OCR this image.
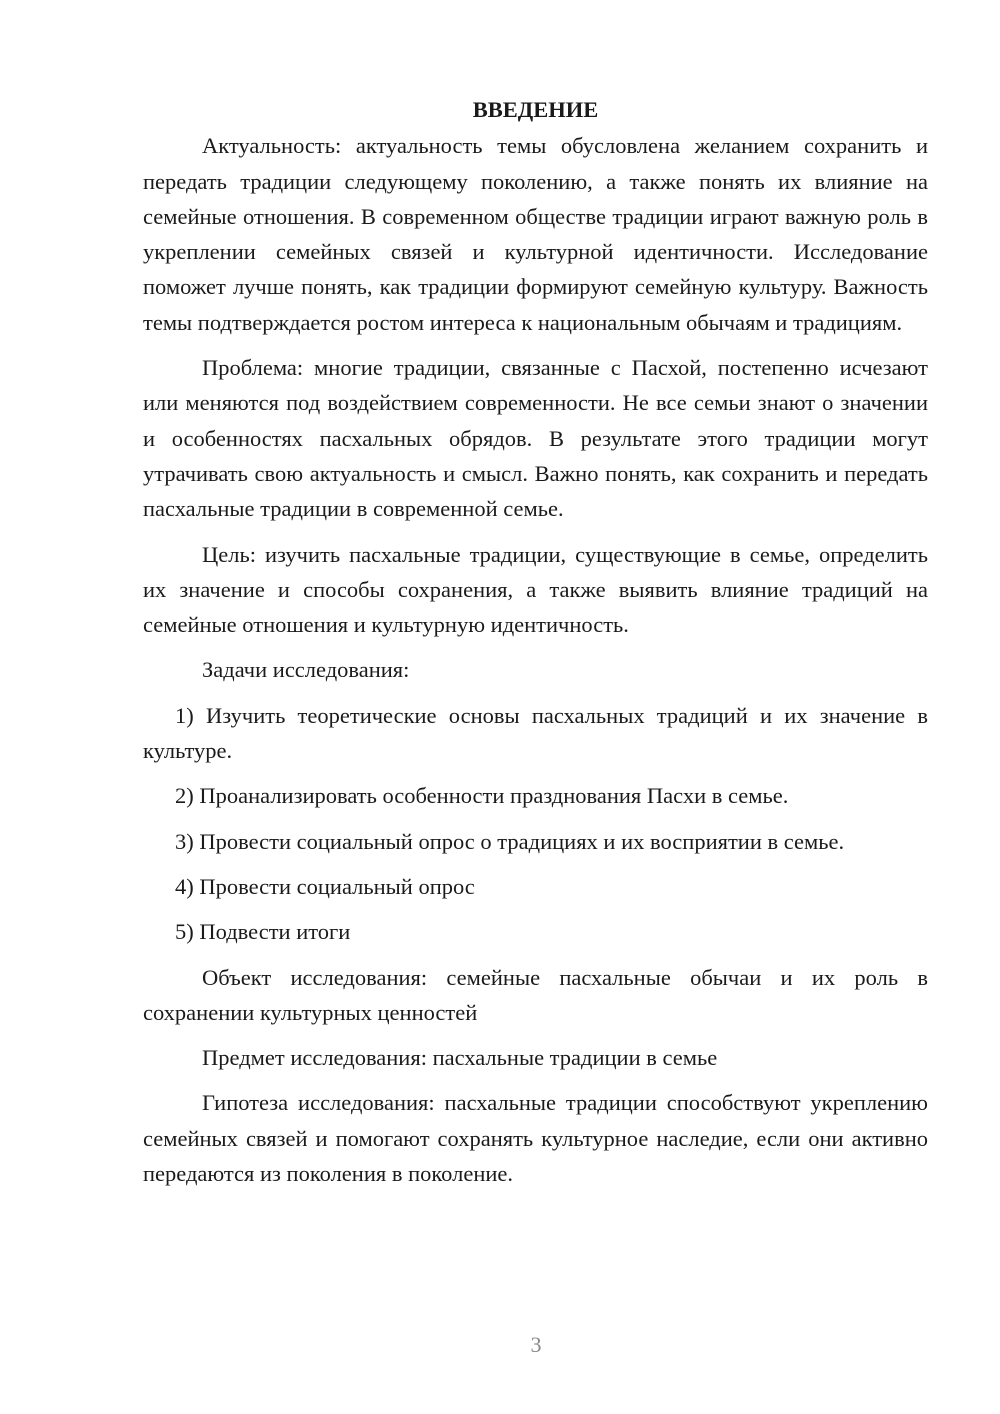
ВВЕДЕНИЕ

Актуальность: актуальность темы обусловлена желанием сохранить и передать традиции следующему поколению, а также понять их влияние на семейные отношения. В современном обществе традиции играют важную роль в укреплении семейных связей и культурной идентичности. Исследование поможет лучше понять, как традиции формируют семейную культуру. Важность темы подтверждается ростом интереса к национальным обычаям и традициям.

Проблема: многие традиции, связанные с Пасхой, постепенно исчезают или меняются под воздействием современности. Не все семьи знают о значении и особенностях пасхальных обрядов. В результате этого традиции могут утрачивать свою актуальность и смысл. Важно понять, как сохранить и передать пасхальные традиции в современной семье.

Цель: изучить пасхальные традиции, существующие в семье, определить их значение и способы сохранения, а также выявить влияние традиций на семейные отношения и культурную идентичность.

Задачи исследования:

1) Изучить теоретические основы пасхальных традиций и их значение в культуре.

2) Проанализировать особенности празднования Пасхи в семье.

3) Провести социальный опрос о традициях и их восприятии в семье.

4) Провести социальный опрос

5) Подвести итоги

Объект исследования: семейные пасхальные обычаи и их роль в сохранении культурных ценностей

Предмет исследования: пасхальные традиции в семье

Гипотеза исследования: пасхальные традиции способствуют укреплению семейных связей и помогают сохранять культурное наследие, если они активно передаются из поколения в поколение.

3
